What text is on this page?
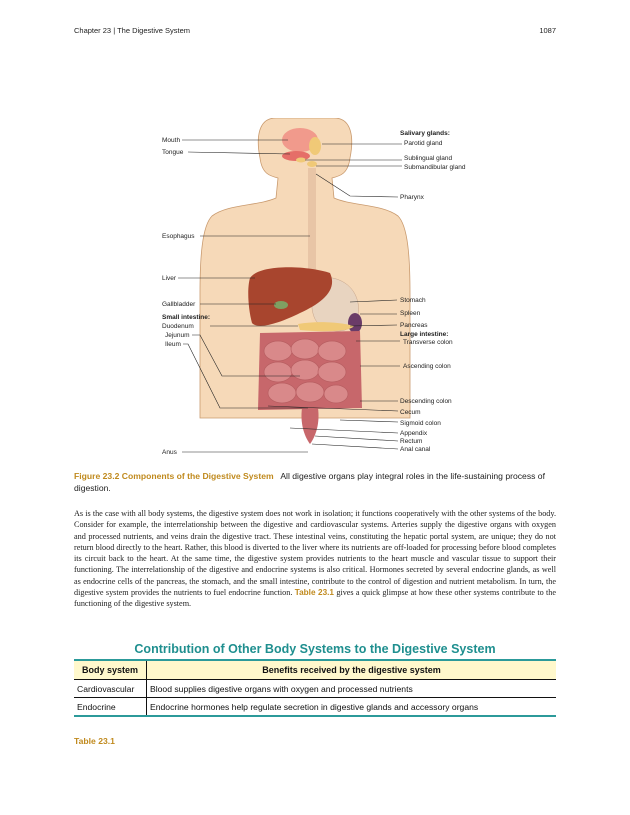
Chapter 23 | The Digestive System	1087
Mouth
Tongue
Esophagus
Liver
Gallbladder
Small intestine:
Duodenum
Jejunum
Ileum
Anus
Salivary glands:
Parotid gland
Sublingual gland
Submandibular gland
Pharynx
Stomach
Spleen
Pancreas
Large intestine:
Transverse colon
Ascending colon
Descending colon
Cecum
Sigmoid colon
Appendix
Rectum
Anal canal
Figure 23.2 Components of the Digestive System All digestive organs play integral roles in the life-sustaining process of digestion.

As is the case with all body systems, the digestive system does not work in isolation; it functions cooperatively with the other systems of the body. Consider for example, the interrelationship between the digestive and cardiovascular systems. Arteries supply the digestive organs with oxygen and processed nutrients, and veins drain the digestive tract. These intestinal veins, constituting the hepatic portal system, are unique; they do not return blood directly to the heart. Rather, this blood is diverted to the liver where its nutrients are off-loaded for processing before blood completes its circuit back to the heart. At the same time, the digestive system provides nutrients to the heart muscle and vascular tissue to support their functioning. The interrelationship of the digestive and endocrine systems is also critical. Hormones secreted by several endocrine glands, as well as endocrine cells of the pancreas, the stomach, and the small intestine, contribute to the control of digestion and nutrient metabolism. In turn, the digestive system provides the nutrients to fuel endocrine function. Table 23.1 gives a quick glimpse at how these other systems contribute to the functioning of the digestive system.

Contribution of Other Body Systems to the Digestive System
Body system	Benefits received by the digestive system
Cardiovascular	Blood supplies digestive organs with oxygen and processed nutrients
Endocrine	Endocrine hormones help regulate secretion in digestive glands and accessory organs
Table 23.1
